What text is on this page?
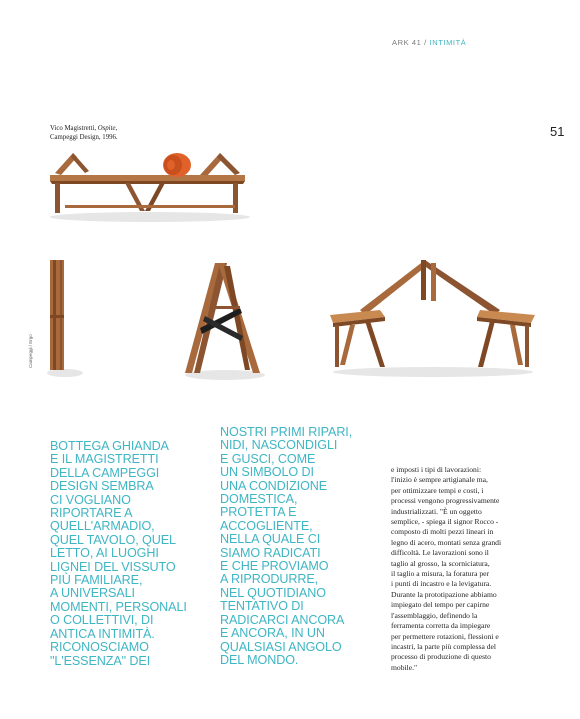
ARK 41 / INTIMITÀ
51
Vico Magistretti, Ospite,
Campeggi Design, 1996.
Campeggi / Ergo
BOTTEGA GHIANDA
E IL MAGISTRETTI
DELLA CAMPEGGI
DESIGN SEMBRA
CI VOGLIANO
RIPORTARE A
QUELL'ARMADIO,
QUEL TAVOLO, QUEL
LETTO, AI LUOGHI
LIGNEI DEL VISSUTO
PIÙ FAMILIARE,
A UNIVERSALI
MOMENTI, PERSONALI
O COLLETTIVI, DI
ANTICA INTIMITÀ.
RICONOSCIAMO
"L'ESSENZA" DEI
NOSTRI PRIMI RIPARI,
NIDI, NASCONDIGLI
E GUSCI, COME
UN SIMBOLO DI
UNA CONDIZIONE
DOMESTICA,
PROTETTA E
ACCOGLIENTE,
NELLA QUALE CI
SIAMO RADICATI
E CHE PROVIAMO
A RIPRODURRE,
NEL QUOTIDIANO
TENTATIVO DI
RADICARCI ANCORA
E ANCORA, IN UN
QUALSIASI ANGOLO
DEL MONDO.
e imposti i tipi di lavorazioni:
l'inizio è sempre artigianale ma,
per ottimizzare tempi e costi, i
processi vengono progressivamente
industrializzati. "È un oggetto
semplice, - spiega il signor Rocco -
composto di molti pezzi lineari in
legno di acero, montati senza grandi
difficoltà. Le lavorazioni sono il
taglio al grosso, la scorniciatura,
il taglio a misura, la foratura per
i punti di incastro e la levigatura.
Durante la prototipazione abbiamo
impiegato del tempo per capirne
l'assemblaggio, definendo la
ferramenta corretta da impiegare
per permettere rotazioni, flessioni e
incastri, la parte più complessa del
processo di produzione di questo
mobile."
